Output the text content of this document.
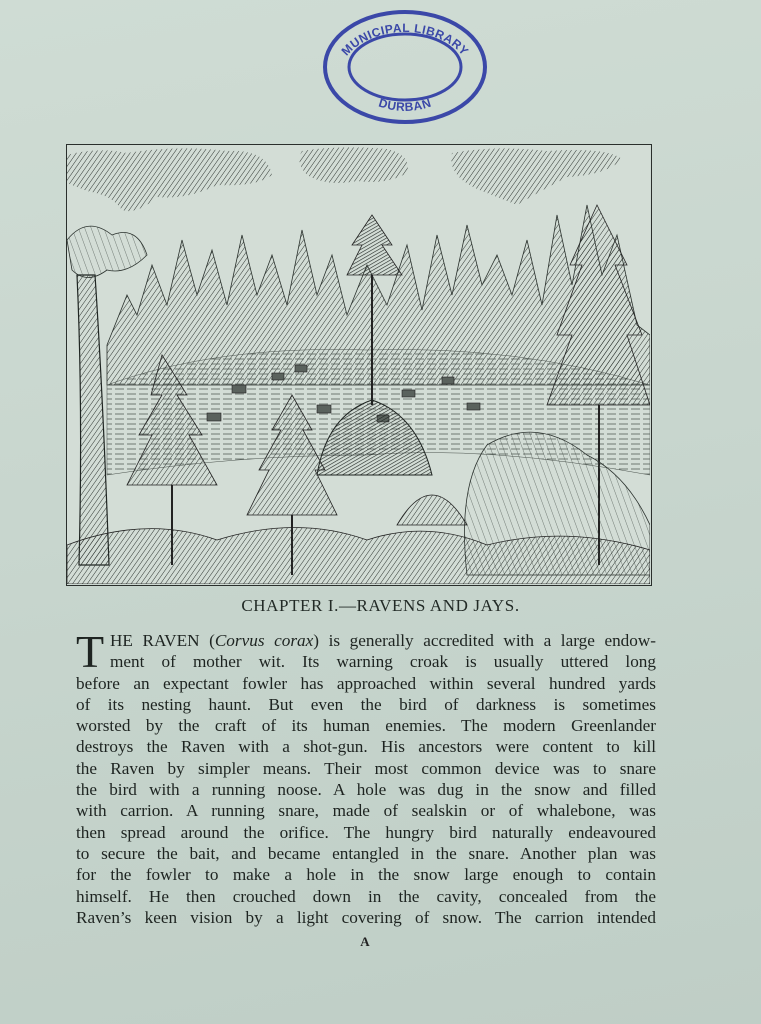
MUNICIPAL LIBRARY
DURBAN
CHAPTER I.—RAVENS AND JAYS.
T HE RAVEN (Corvus corax) is generally accredited with a large endow-
ment of mother wit. Its warning croak is usually uttered long
before an expectant fowler has approached within several hundred yards
of its nesting haunt. But even the bird of darkness is sometimes
worsted by the craft of its human enemies. The modern Greenlander
destroys the Raven with a shot-gun. His ancestors were content to kill
the Raven by simpler means. Their most common device was to snare
the bird with a running noose. A hole was dug in the snow and filled
with carrion. A running snare, made of sealskin or of whalebone, was
then spread around the orifice. The hungry bird naturally endeavoured
to secure the bait, and became entangled in the snare. Another plan was
for the fowler to make a hole in the snow large enough to contain
himself. He then crouched down in the cavity, concealed from the
Raven’s keen vision by a light covering of snow. The carrion intended
A
